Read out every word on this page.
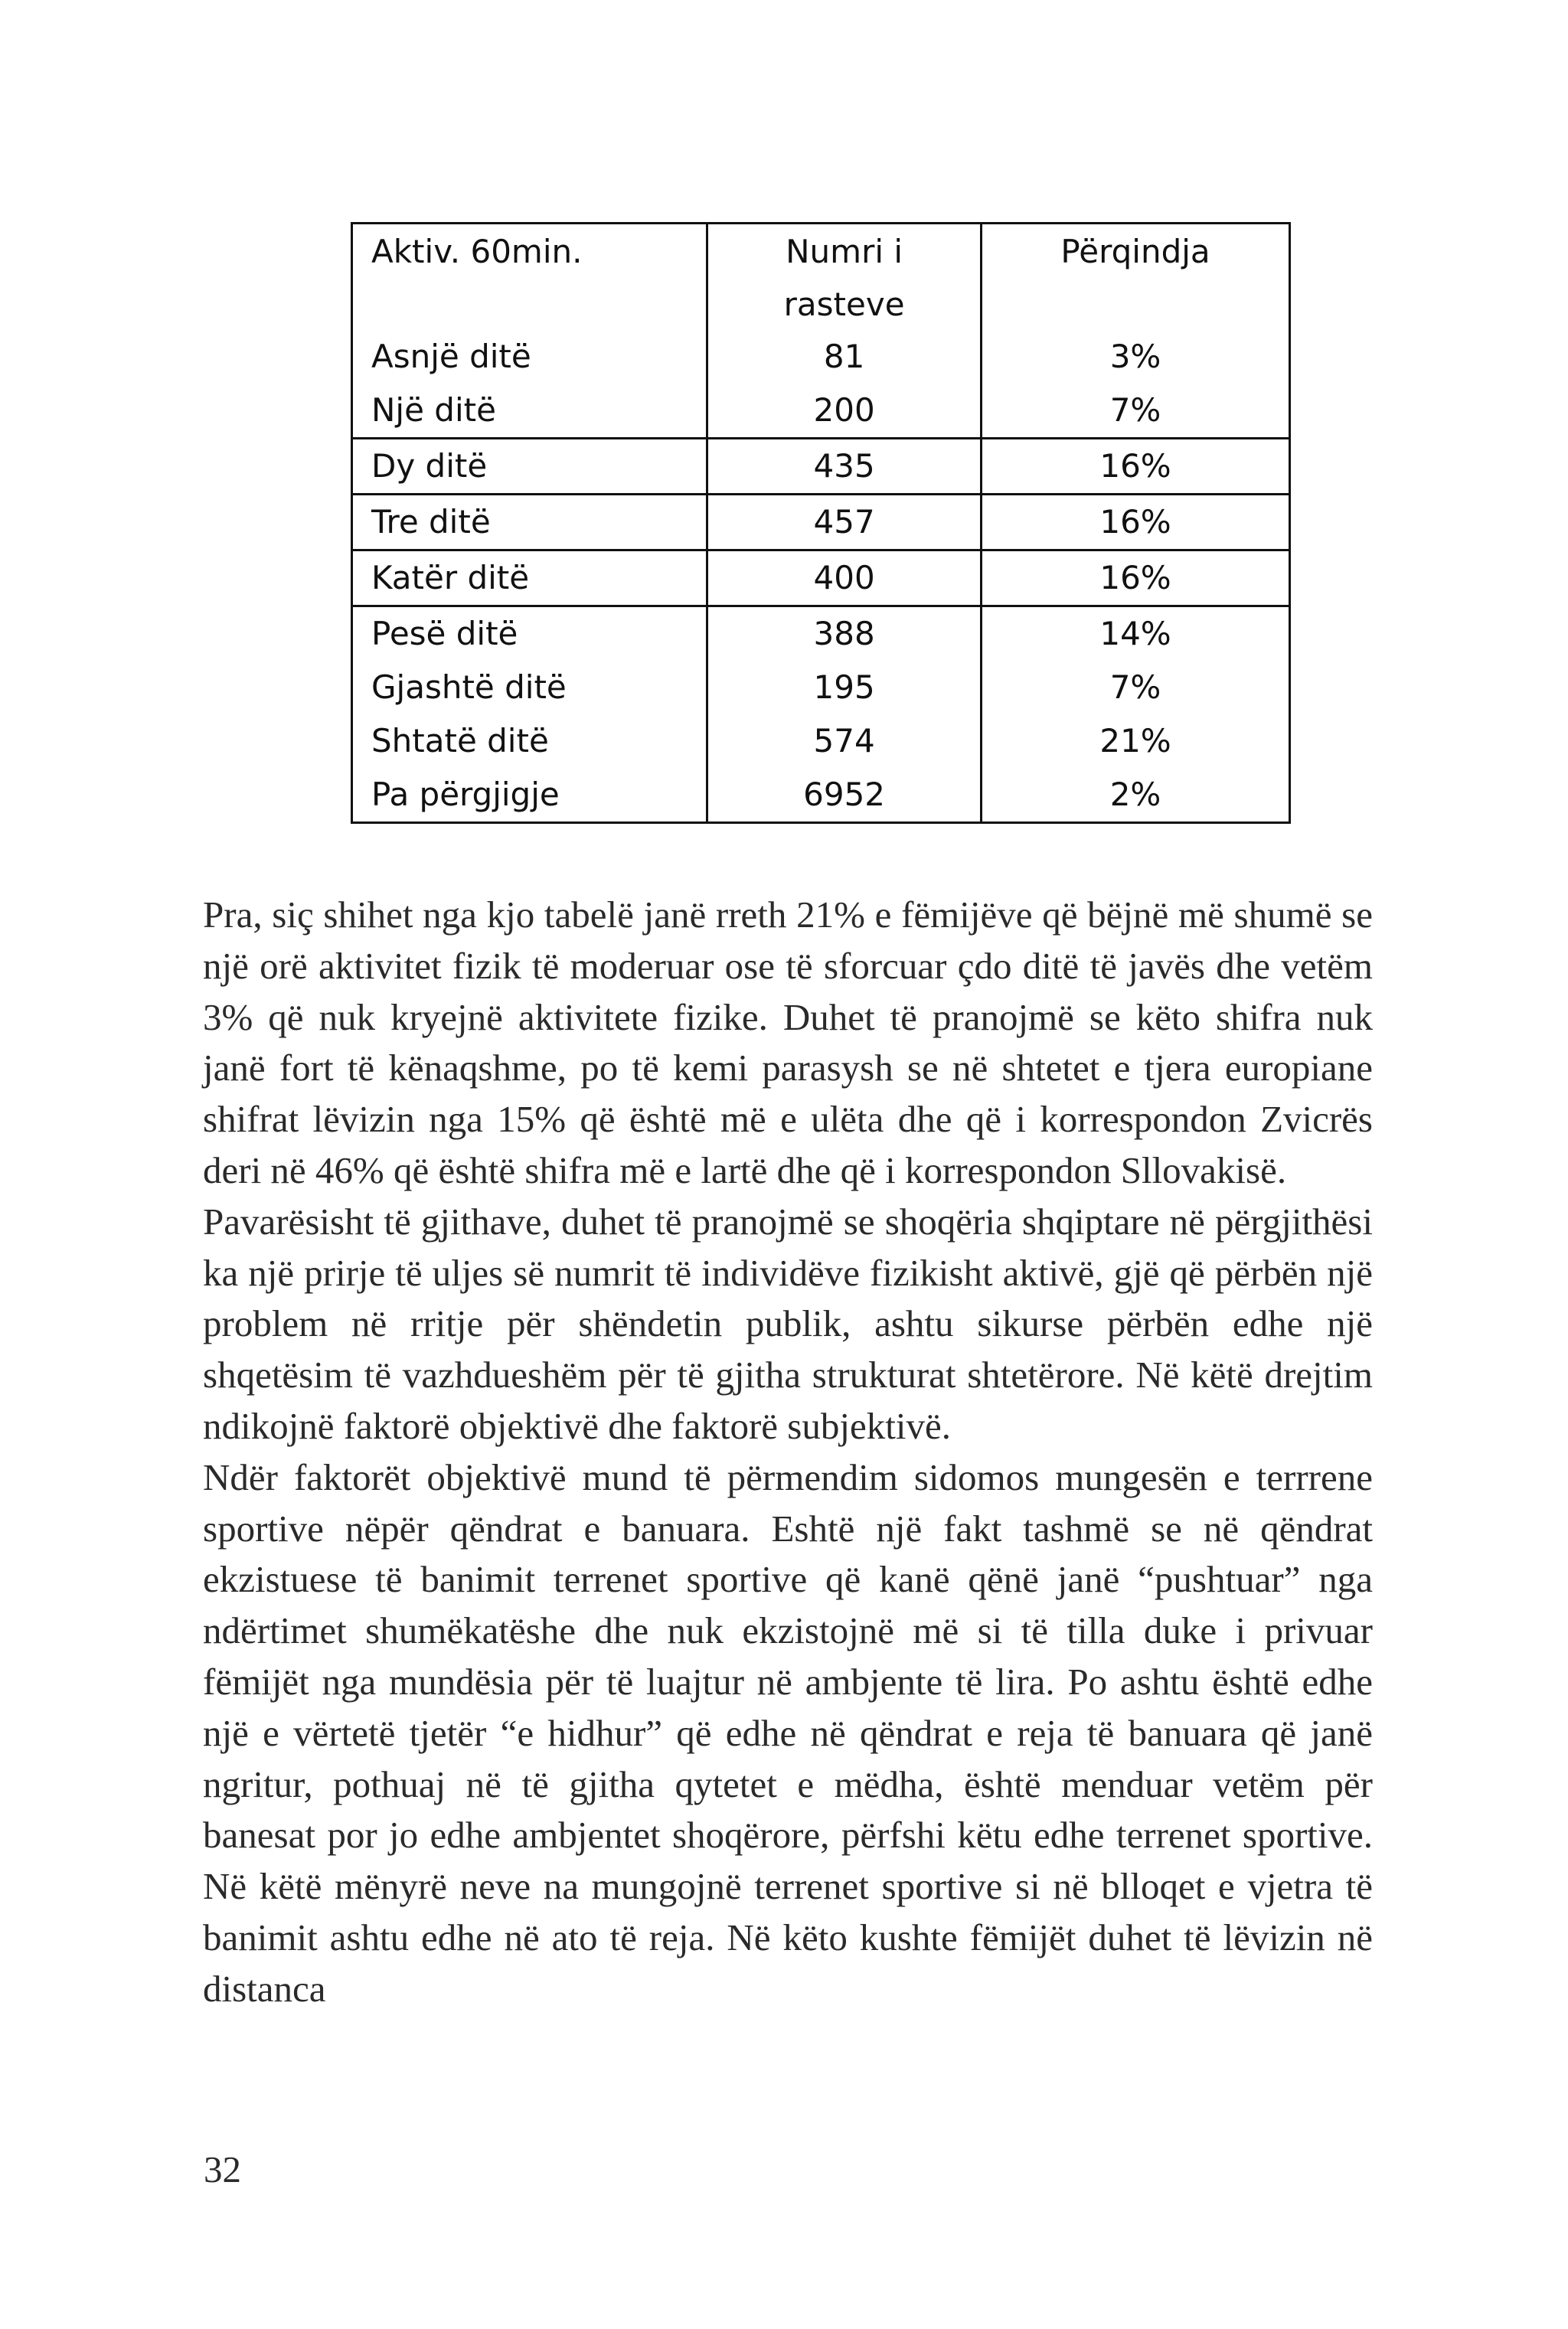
Aktiv. 60min.	Numri i	Përqindja
	rasteve	
Asnjë ditë	81	3%
Një ditë	200	7%
Dy ditë	435	16%
Tre ditë	457	16%
Katër ditë	400	16%
Pesë ditë	388	14%
Gjashtë ditë	195	7%
Shtatë ditë	574	21%
Pa përgjigje	6952	2%

Pra, siç shihet nga kjo tabelë janë rreth 21% e fëmijëve që bëjnë më shumë se një orë aktivitet fizik të moderuar ose të sforcuar çdo ditë të javës dhe vetëm 3% që nuk kryejnë aktivitete fizike. Duhet të pranojmë se këto shifra nuk janë fort të kënaqshme, po të kemi parasysh se në shtetet e tjera europiane shifrat lëvizin nga 15% që është më e ulëta dhe që i korrespondon Zvicrës deri në 46% që është shifra më e lartë dhe që i korrespondon Sllovakisë.

Pavarësisht të gjithave, duhet të pranojmë se shoqëria shqiptare në përgjithësi ka një prirje të uljes së numrit të individëve fizikisht aktivë, gjë që përbën një problem në rritje për shëndetin publik, ashtu sikurse përbën edhe një shqetësim të vazhdueshëm për të gjitha strukturat shtetërore. Në këtë drejtim ndikojnë faktorë objektivë dhe faktorë subjektivë.

Ndër faktorët objektivë mund të përmendim sidomos mungesën e terrrene sportive nëpër qëndrat e banuara. Eshtë një fakt tashmë se në qëndrat ekzistuese të banimit terrenet sportive që kanë qënë janë “pushtuar” nga ndërtimet shumëkatëshe dhe nuk ekzistojnë më si të tilla duke i privuar fëmijët nga mundësia për të luajtur në ambjente të lira. Po ashtu është edhe një e vërtetë tjetër “e hidhur” që edhe në qëndrat e reja të banuara që janë ngritur, pothuaj në të gjitha qytetet e mëdha, është menduar vetëm për banesat por jo edhe ambjentet shoqërore, përfshi këtu edhe terrenet sportive. Në këtë mënyrë neve na mungojnë terrenet sportive si në blloqet e vjetra të banimit ashtu edhe në ato të reja. Në këto kushte fëmijët duhet të lëvizin në distanca

32
